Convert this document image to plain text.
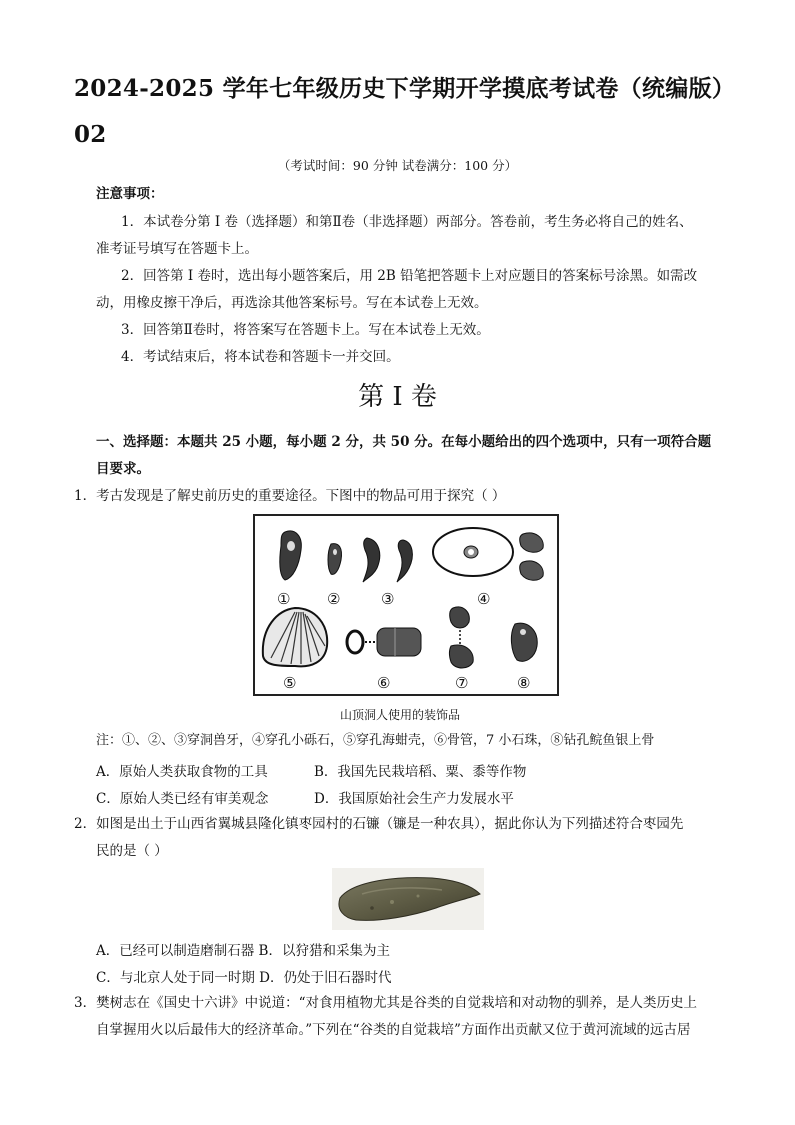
2024-2025 学年七年级历史下学期开学摸底考试卷（统编版）
02
（考试时间：90 分钟 试卷满分：100 分）
注意事项：
1．本试卷分第 I 卷（选择题）和第Ⅱ卷（非选择题）两部分。答卷前，考生务必将自己的姓名、
准考证号填写在答题卡上。
2．回答第 I 卷时，选出每小题答案后，用 2B 铅笔把答题卡上对应题目的答案标号涂黑。如需改
动，用橡皮擦干净后，再选涂其他答案标号。写在本试卷上无效。
3．回答第Ⅱ卷时，将答案写在答题卡上。写在本试卷上无效。
4．考试结束后，将本试卷和答题卡一并交回。
第 I 卷
一、选择题：本题共 25 小题，每小题 2 分，共 50 分。在每小题给出的四个选项中，只有一项符合题
目要求。
1．考古发现是了解史前历史的重要途径。下图中的物品可用于探究（ ）
① ②	③	④
⑤	⑥	⑦	⑧
山顶洞人使用的装饰品
注：①、②、③穿洞兽牙，④穿孔小砾石，⑤穿孔海蚶壳，⑥骨管，7 小石珠，⑧钻孔鲩鱼银上骨
A．原始人类获取食物的工具	B．我国先民栽培稻、粟、黍等作物
C．原始人类已经有审美观念	D．我国原始社会生产力发展水平
2．如图是出土于山西省翼城县隆化镇枣园村的石镰（镰是一种农具），据此你认为下列描述符合枣园先
民的是（ ）
A．已经可以制造磨制石器 B．以狩猎和采集为主
C．与北京人处于同一时期 D．仍处于旧石器时代
3．樊树志在《国史十六讲》中说道：“对食用植物尤其是谷类的自觉栽培和对动物的驯养，是人类历史上
自掌握用火以后最伟大的经济革命。”下列在“谷类的自觉栽培”方面作出贡献又位于黄河流域的远古居
